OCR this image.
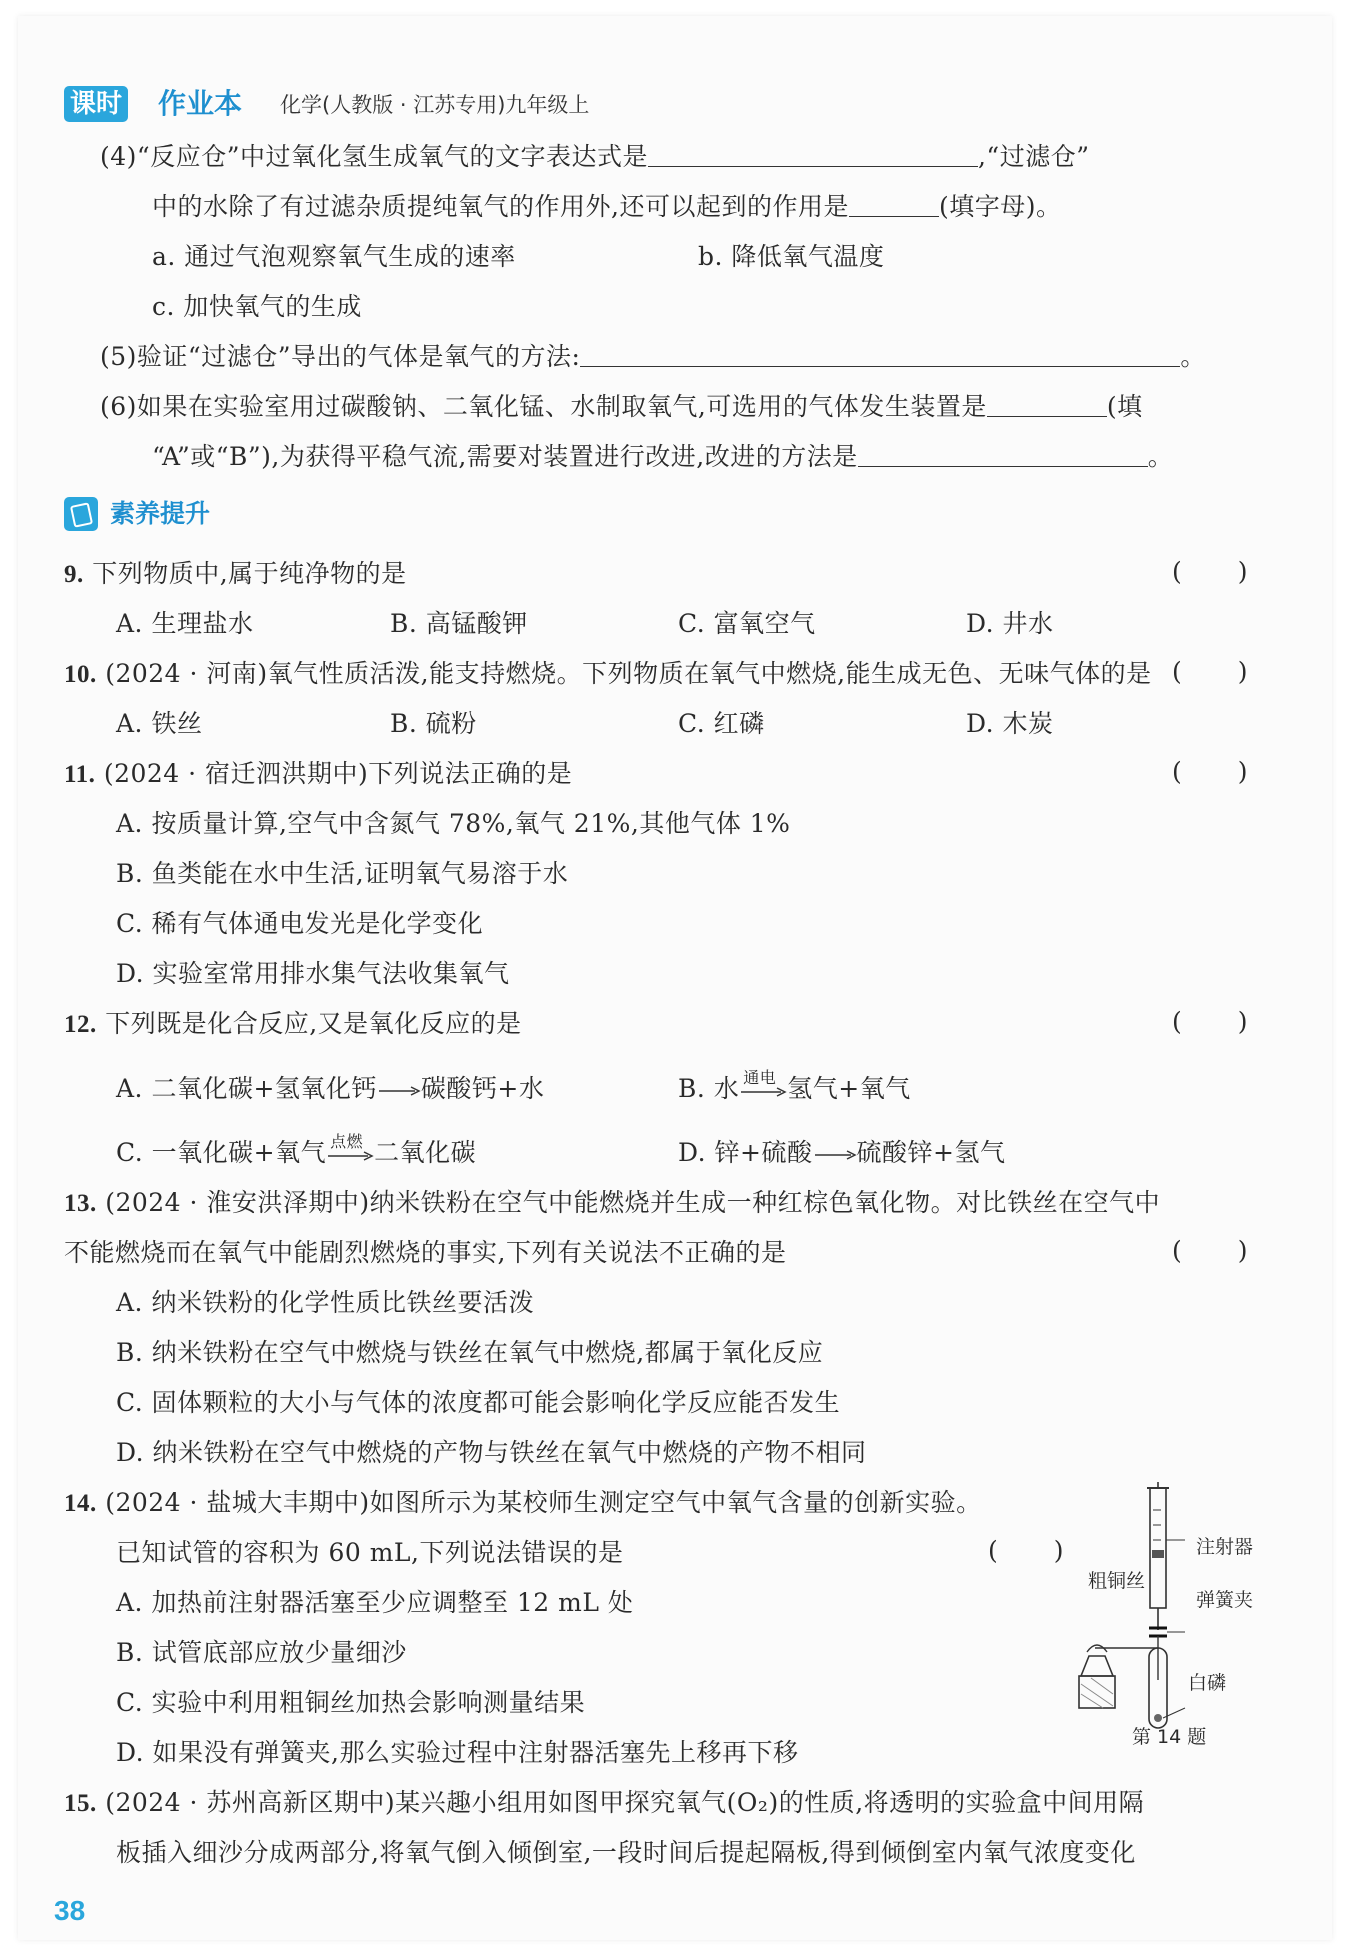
课时 作业本 化学(人教版 · 江苏专用)九年级上
(4)“反应仓”中过氧化氢生成氧气的文字表达式是	,“过滤仓”
中的水除了有过滤杂质提纯氧气的作用外,还可以起到的作用是	(填字母)。
a. 通过气泡观察氧气生成的速率	b. 降低氧气温度
c. 加快氧气的生成
(5)验证“过滤仓”导出的气体是氧气的方法:	。
(6)如果在实验室用过碳酸钠、二氧化锰、水制取氧气,可选用的气体发生装置是	(填
“A”或“B”),为获得平稳气流,需要对装置进行改进,改进的方法是	。
素养提升
9. 下列物质中,属于纯净物的是	( )
A. 生理盐水	B. 高锰酸钾	C. 富氧空气	D. 井水
10. (2024 · 河南)氧气性质活泼,能支持燃烧。下列物质在氧气中燃烧,能生成无色、无味气体的是 ( )
A. 铁丝	B. 硫粉	C. 红磷	D. 木炭
11. (2024 · 宿迁泗洪期中)下列说法正确的是	( )
A. 按质量计算,空气中含氮气 78%,氧气 21%,其他气体 1%
B. 鱼类能在水中生活,证明氧气易溶于水
C. 稀有气体通电发光是化学变化
D. 实验室常用排水集气法收集氧气
12. 下列既是化合反应,又是氧化反应的是	( )
A. 二氧化碳+氢氧化钙→碳酸钙+水	B. 水 通电 氢气+氧气
C. 一氧化碳+氧气 点燃 二氧化碳	D. 锌+硫酸→硫酸锌+氢气
13. (2024 · 淮安洪泽期中)纳米铁粉在空气中能燃烧并生成一种红棕色氧化物。对比铁丝在空气中
不能燃烧而在氧气中能剧烈燃烧的事实,下列有关说法不正确的是	( )
A. 纳米铁粉的化学性质比铁丝要活泼
B. 纳米铁粉在空气中燃烧与铁丝在氧气中燃烧,都属于氧化反应
C. 固体颗粒的大小与气体的浓度都可能会影响化学反应能否发生
D. 纳米铁粉在空气中燃烧的产物与铁丝在氧气中燃烧的产物不相同
14. (2024 · 盐城大丰期中)如图所示为某校师生测定空气中氧气含量的创新实验。
已知试管的容积为 60 mL,下列说法错误的是	( )
A. 加热前注射器活塞至少应调整至 12 mL 处
B. 试管底部应放少量细沙
C. 实验中利用粗铜丝加热会影响测量结果
D. 如果没有弹簧夹,那么实验过程中注射器活塞先上移再下移
注射器
粗铜丝
弹簧夹
白磷
第 14 题
15. (2024 · 苏州高新区期中)某兴趣小组用如图甲探究氧气(O₂)的性质,将透明的实验盒中间用隔
板插入细沙分成两部分,将氧气倒入倾倒室,一段时间后提起隔板,得到倾倒室内氧气浓度变化
38
